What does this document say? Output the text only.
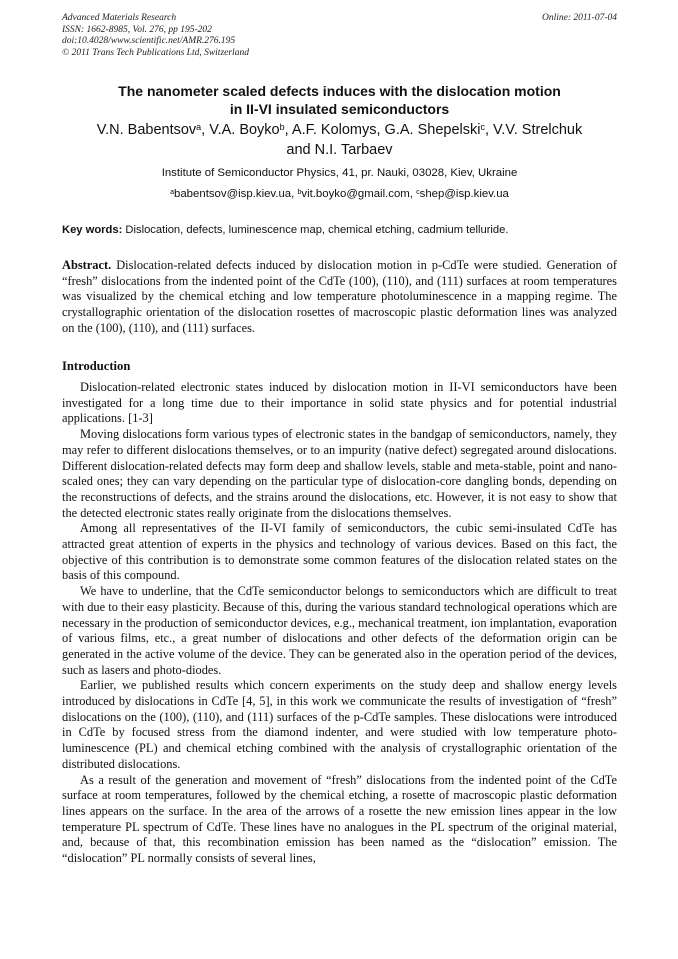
Advanced Materials Research
ISSN: 1662-8985, Vol. 276, pp 195-202
doi:10.4028/www.scientific.net/AMR.276.195
© 2011 Trans Tech Publications Ltd, Switzerland
Online: 2011-07-04
The nanometer scaled defects induces with the dislocation motion
in II-VI insulated semiconductors
V.N. Babentsov$^a$, V.A. Boyko$^b$, A.F. Kolomys, G.A. Shepelski$^c$, V.V. Strelchuk
and N.I. Tarbaev
Institute of Semiconductor Physics, 41, pr. Nauki, 03028, Kiev, Ukraine
$^a$babentsov@isp.kiev.ua, $^b$vit.boyko@gmail.com, $^c$shep@isp.kiev.ua
Key words: Dislocation, defects, luminescence map, chemical etching, cadmium telluride.
Abstract. Dislocation-related defects induced by dislocation motion in p-CdTe were studied. Generation of “fresh” dislocations from the indented point of the CdTe (100), (110), and (111) surfaces at room temperatures was visualized by the chemical etching and low temperature photoluminescence in a mapping regime. The crystallographic orientation of the dislocation rosettes of macroscopic plastic deformation lines was analyzed on the (100), (110), and (111) surfaces.
Introduction

Dislocation-related electronic states induced by dislocation motion in II-VI semiconductors have been investigated for a long time due to their importance in solid state physics and for potential industrial applications. [1-3]

Moving dislocations form various types of electronic states in the bandgap of semiconductors, namely, they may refer to different dislocations themselves, or to an impurity (native defect) segregated around dislocations. Different dislocation-related defects may form deep and shallow levels, stable and meta-stable, point and nano-scaled ones; they can vary depending on the particular type of dislocation-core dangling bonds, depending on the reconstructions of defects, and the strains around the dislocations, etc. However, it is not easy to show that the detected electronic states really originate from the dislocations themselves.

Among all representatives of the II-VI family of semiconductors, the cubic semi-insulated CdTe has attracted great attention of experts in the physics and technology of various devices. Based on this fact, the objective of this contribution is to demonstrate some common features of the dislocation related states on the basis of this compound.

We have to underline, that the CdTe semiconductor belongs to semiconductors which are difficult to treat with due to their easy plasticity. Because of this, during the various standard technological operations which are necessary in the production of semiconductor devices, e.g., mechanical treatment, ion implantation, evaporation of various films, etc., a great number of dislocations and other defects of the deformation origin can be generated in the active volume of the device. They can be generated also in the operation period of the devices, such as lasers and photo-diodes.

Earlier, we published results which concern experiments on the study deep and shallow energy levels introduced by dislocations in CdTe [4, 5], in this work we communicate the results of investigation of “fresh” dislocations on the (100), (110), and (111) surfaces of the p-CdTe samples. These dislocations were introduced in CdTe by focused stress from the diamond indenter, and were studied with low temperature photo-luminescence (PL) and chemical etching combined with the analysis of crystallographic orientation of the distributed dislocations.

As a result of the generation and movement of “fresh” dislocations from the indented point of the CdTe surface at room temperatures, followed by the chemical etching, a rosette of macroscopic plastic deformation lines appears on the surface. In the area of the arrows of a rosette the new emission lines appear in the low temperature PL spectrum of CdTe. These lines have no analogues in the PL spectrum of the original material, and, because of that, this recombination emission has been named as the “dislocation” emission. The “dislocation” PL normally consists of several lines,
